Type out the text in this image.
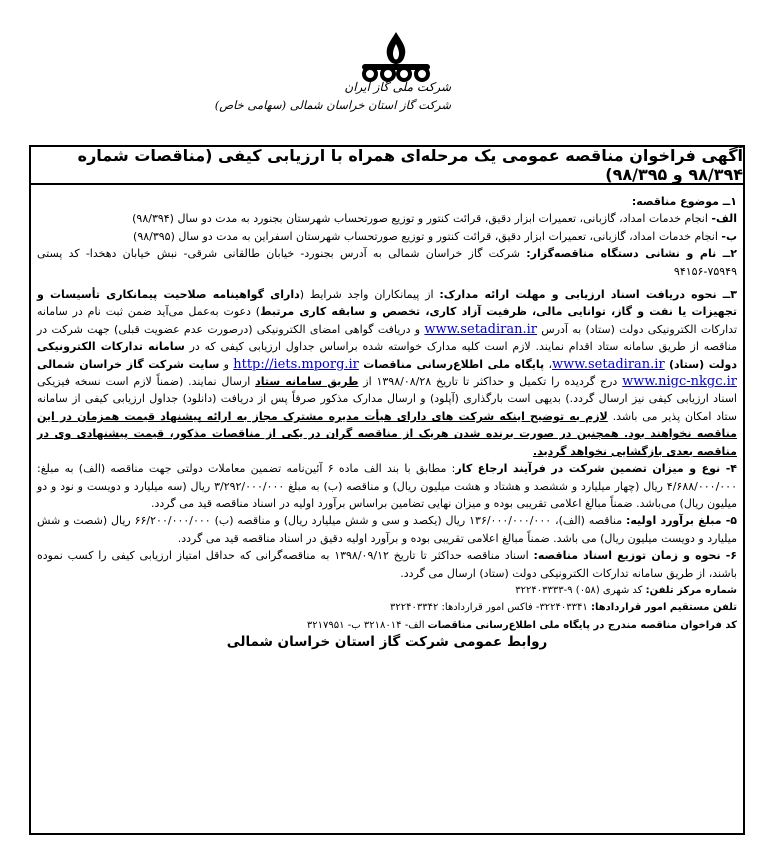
شرکت ملی گاز ایران
شرکت گاز استان خراسان شمالی (سهامی خاص)
آگهی فراخوان مناقصه عمومی یک مرحله‌ای همراه با ارزیابی کیفی (مناقصات شماره ۹۸/۳۹۴ و ۹۸/۳۹۵)

۱ــ موضوع مناقصه:

الف- انجام خدمات امداد، گازبانی، تعمیرات ابزار دقیق، قرائت کنتور و توزیع صورتحساب شهرستان بجنورد به مدت دو سال (۹۸/۳۹۴)

ب- انجام خدمات امداد، گازبانی، تعمیرات ابزار دقیق، قرائت کنتور و توزیع صورتحساب شهرستان اسفراین به مدت دو سال (۹۸/۳۹۵)

۲ــ نام و نشانی دستگاه مناقصه‌گزار: شرکت گاز خراسان شمالی به آدرس بجنورد- خیابان طالقانی شرقی- نبش خیابان دهخدا- کد پستی ۷۵۹۴۹-۹۴۱۵۶

۳ــ نحوه دریافت اسناد ارزیابی و مهلت ارائه مدارک: از پیمانکاران واجد شرایط (دارای گواهینامه صلاحیت پیمانکاری تأسیسات و تجهیزات یا نفت و گاز، توانایی مالی، ظرفیت آزاد کاری، تخصص و سابقه کاری مرتبط) دعوت به‌عمل می‌آید ضمن ثبت نام در سامانه تدارکات الکترونیکی دولت (ستاد) به آدرس www.setadiran.ir و دریافت گواهی امضای الکترونیکی (درصورت عدم عضویت قبلی) جهت شرکت در مناقصه از طریق سامانه ستاد اقدام نمایند. لازم است کلیه مدارک خواسته شده براساس جداول ارزیابی کیفی که در سامانه تدارکات الکترونیکی دولت (ستاد) www.setadiran.ir، پایگاه ملی اطلاع‌رسانی مناقصات http://iets.mporg.ir و سایت شرکت گاز خراسان شمالی www.nigc-nkgc.ir درج گردیده را تکمیل و حداکثر تا تاریخ ۱۳۹۸/۰۸/۲۸ از طریق سامانه ستاد ارسال نمایند. (ضمناً لازم است نسخه فیزیکی اسناد ارزیابی کیفی نیز ارسال گردد.) بدیهی است بارگذاری (آپلود) و ارسال مدارک مذکور صرفاً پس از دریافت (دانلود) جداول ارزیابی کیفی از سامانه ستاد امکان پذیر می باشد. لازم به توضیح اینکه شرکت های دارای هیأت مدیره مشترک مجاز به ارائه پیشنهاد قیمت همزمان در این مناقصه نخواهند بود. همچنین در صورت برنده شدن هریک از مناقصه گران در یکی از مناقصات مذکور، قیمت پیشنهادی وی در مناقصه بعدی بازگشایی نخواهد گردید.

۴- نوع و میزان تضمین شرکت در فرآیند ارجاع کار: مطابق با بند الف ماده ۶ آئین‌نامه تضمین معاملات دولتی جهت مناقصه (الف) به مبلغ: ۴/۶۸۸/۰۰۰/۰۰۰ ریال (چهار میلیارد و ششصد و هشتاد و هشت میلیون ریال) و مناقصه (ب) به مبلغ ۳/۲۹۲/۰۰۰/۰۰۰ ریال (سه میلیارد و دویست و نود و دو میلیون ریال) می‌باشد. ضمناً مبالغ اعلامی تقریبی بوده و میزان نهایی تضامین براساس برآورد اولیه در اسناد مناقصه قید می گردد.

۵- مبلغ برآورد اولیه: مناقصه (الف)، ۱۳۶/۰۰۰/۰۰۰/۰۰۰ ریال (یکصد و سی و شش میلیارد ریال) و مناقصه (ب) ۶۶/۲۰۰/۰۰۰/۰۰۰ ریال (شصت و شش میلیارد و دویست میلیون ریال) می باشد. ضمناً مبالغ اعلامی تقریبی بوده و برآورد اولیه دقیق در اسناد مناقصه قید می گردد.

۶- نحوه و زمان توزیع اسناد مناقصه: اسناد مناقصه حداکثر تا تاریخ ۱۳۹۸/۰۹/۱۲ به مناقصه‌گرانی که حداقل امتیاز ارزیابی کیفی را کسب نموده باشند، از طریق سامانه تدارکات الکترونیکی دولت (ستاد) ارسال می گردد.

شماره مرکز تلفن: کد شهری (۰۵۸) ۹-۳۲۲۴۰۳۳۳۳

تلفن مستقیم امور قراردادها: ۳۲۲۴۰۳۳۴۱- فاکس امور قراردادها: ۳۲۲۴۰۳۳۴۲

کد فراخوان مناقصه مندرج در پایگاه ملی اطلاع‌رسانی مناقصات الف- ۳۲۱۸۰۱۴ ب- ۳۲۱۷۹۵۱

روابط عمومی شرکت گاز استان خراسان شمالی
